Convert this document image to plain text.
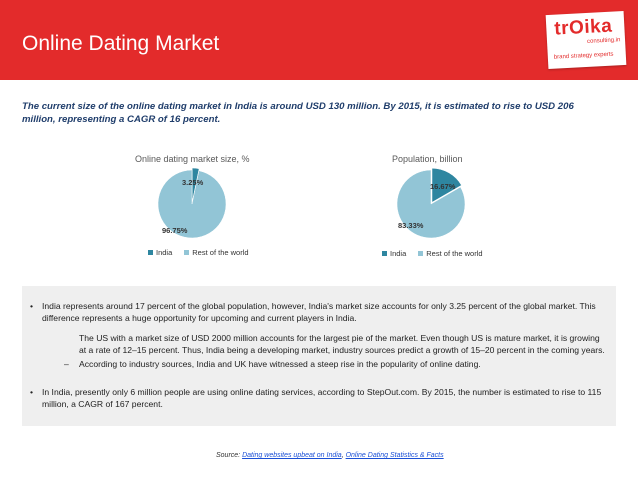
Online Dating Market
trOika
consulting.in
brand strategy experts
The current size of the online dating market in India is around USD 130 million. By 2015, it is estimated to rise to USD 206 million, representing a CAGR of 16 percent.
Online dating market size, %
3.25%
96.75%
India	Rest of the world
Population, billion
16.67%
83.33%
India	Rest of the world
• India represents around 17 percent of the global population, however, India's market size accounts for only 3.25 percent of the global market. This difference represents a huge opportunity for upcoming and current players in India.
The US with a market size of USD 2000 million accounts for the largest pie of the market. Even though US is mature market, it is growing at a rate of 12–15 percent. Thus, India being a developing market, industry sources predict a growth of 15–20 percent in the coming years.
– According to industry sources, India and UK have witnessed a steep rise in the popularity of online dating.
• In India, presently only 6 million people are using online dating services, according to StepOut.com. By 2015, the number is estimated to rise to 115 million, a CAGR of 167 percent.
Source: Dating websites upbeat on India, Online Dating Statistics & Facts
